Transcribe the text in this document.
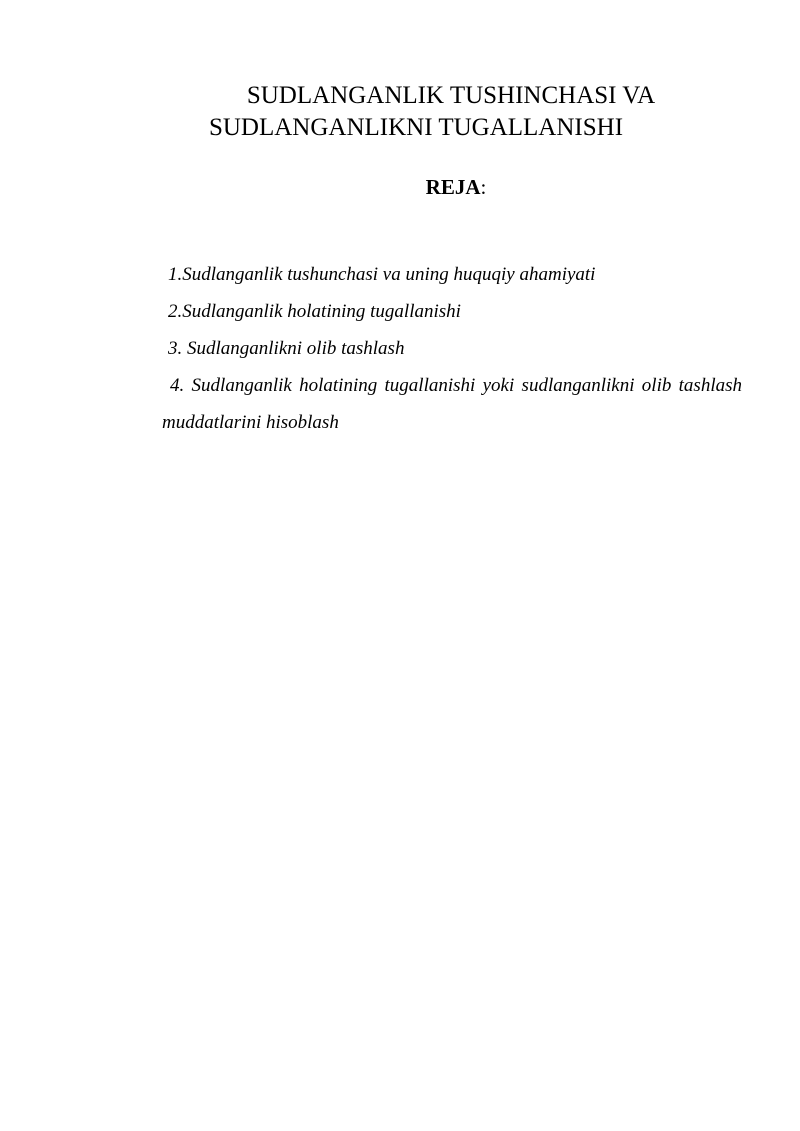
SUDLANGANLIK TUSHINCHASI VA
SUDLANGANLIKNI TUGALLANISHI
REJA:
1.Sudlanganlik tushunchasi va uning huquqiy ahamiyati
2.Sudlanganlik holatining tugallanishi
3. Sudlanganlikni olib tashlash
4. Sudlanganlik holatining tugallanishi yoki sudlanganlikni olib tashlash muddatlarini hisoblash
